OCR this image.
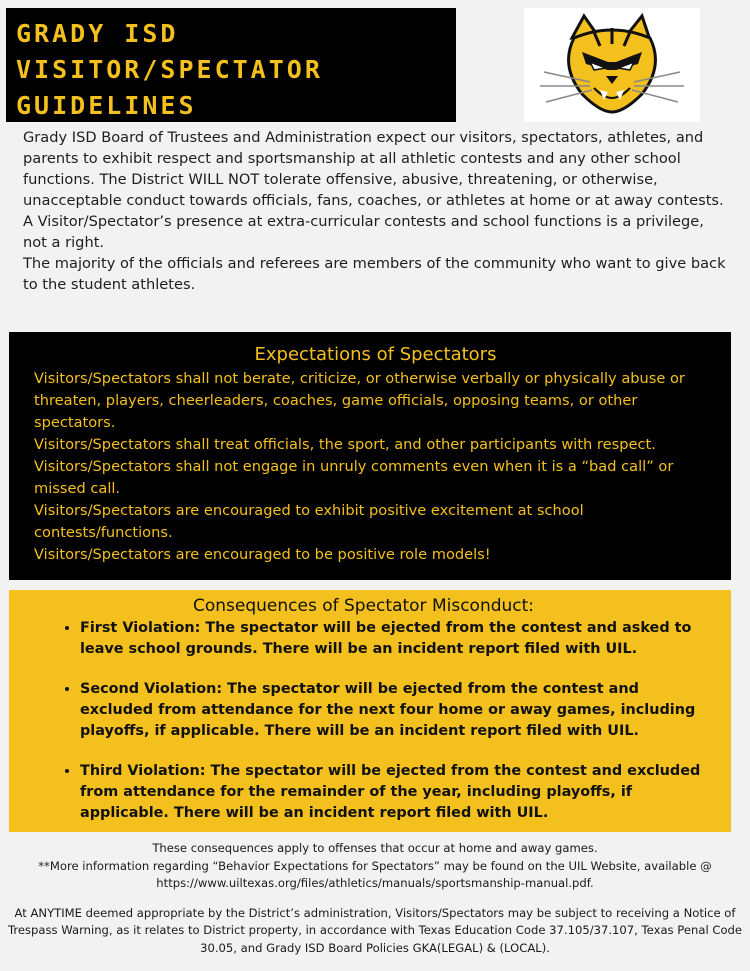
GRADY ISD
VISITOR/SPECTATOR
GUIDELINES

Grady ISD Board of Trustees and Administration expect our visitors, spectators, athletes, and parents to exhibit respect and sportsmanship at all athletic contests and any other school functions. The District WILL NOT tolerate offensive, abusive, threatening, or otherwise, unacceptable conduct towards officials, fans, coaches, or athletes at home or at away contests.

A Visitor/Spectator’s presence at extra-curricular contests and school functions is a privilege, not a right.

The majority of the officials and referees are members of the community who want to give back to the student athletes.

Expectations of Spectators
Visitors/Spectators shall not berate, criticize, or otherwise verbally or physically abuse or threaten, players, cheerleaders, coaches, game officials, opposing teams, or other spectators.
Visitors/Spectators shall treat officials, the sport, and other participants with respect.
Visitors/Spectators shall not engage in unruly comments even when it is a “bad call” or missed call.
Visitors/Spectators are encouraged to exhibit positive excitement at school contests/functions.
Visitors/Spectators are encouraged to be positive role models!
Consequences of Spectator Misconduct:
• First Violation: The spectator will be ejected from the contest and asked to leave school grounds. There will be an incident report filed with UIL.
• Second Violation: The spectator will be ejected from the contest and excluded from attendance for the next four home or away games, including playoffs, if applicable. There will be an incident report filed with UIL.
• Third Violation: The spectator will be ejected from the contest and excluded from attendance for the remainder of the year, including playoffs, if applicable. There will be an incident report filed with UIL.

These consequences apply to offenses that occur at home and away games.

**More information regarding “Behavior Expectations for Spectators” may be found on the UIL Website, available @ https://www.uiltexas.org/files/athletics/manuals/sportsmanship-manual.pdf.

At ANYTIME deemed appropriate by the District’s administration, Visitors/Spectators may be subject to receiving a Notice of Trespass Warning, as it relates to District property, in accordance with Texas Education Code 37.105/37.107, Texas Penal Code 30.05, and Grady ISD Board Policies GKA(LEGAL) & (LOCAL).
